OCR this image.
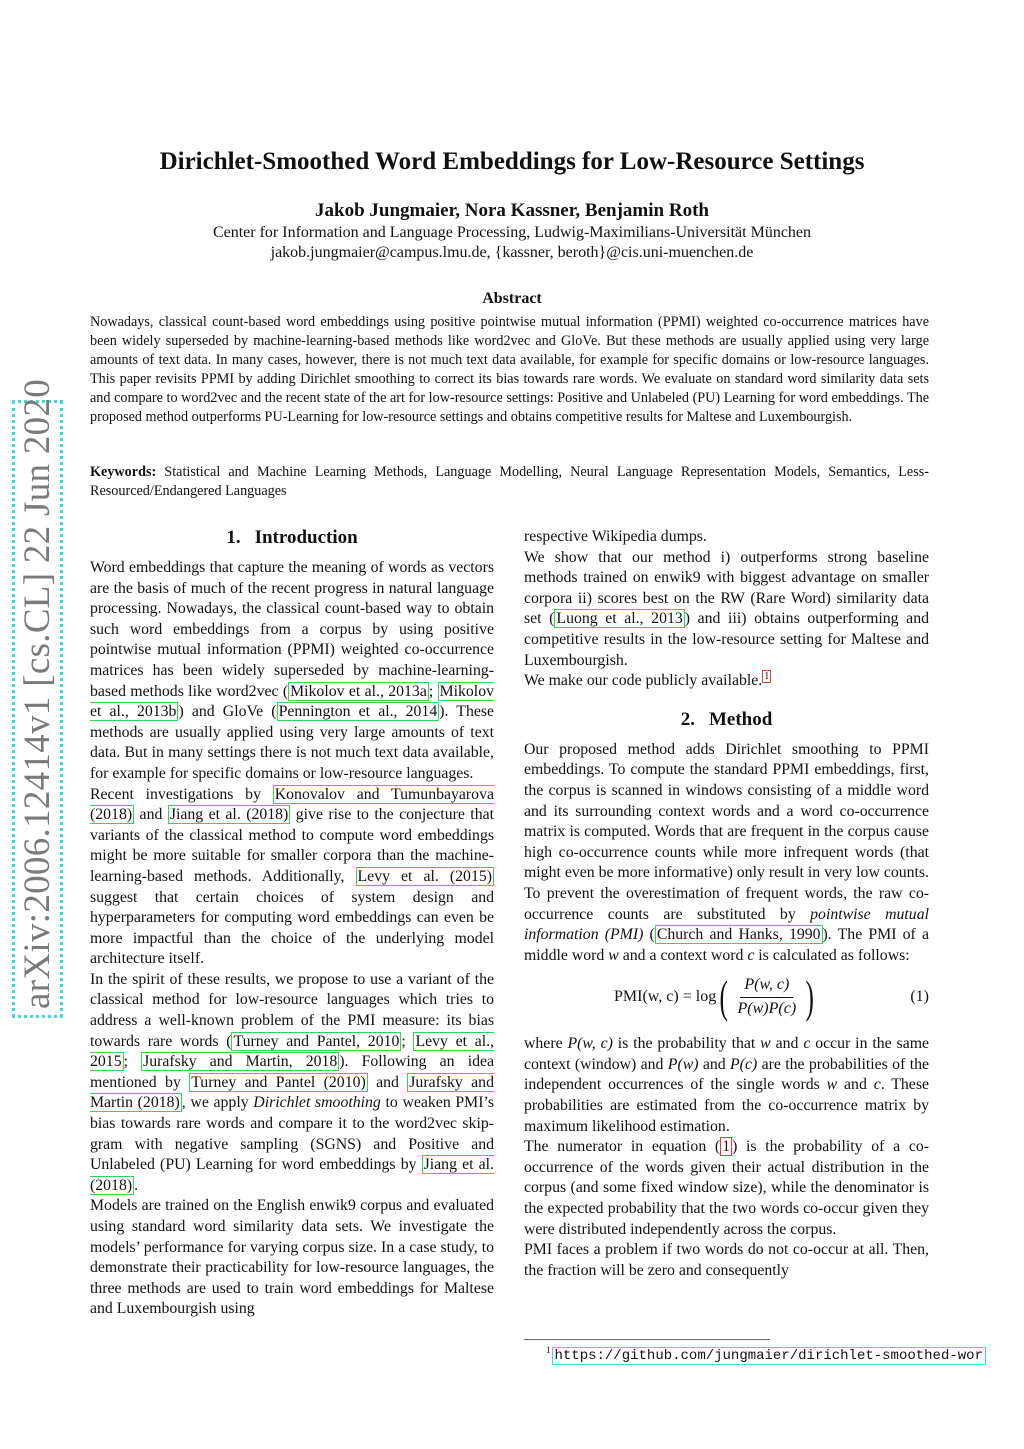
arXiv:2006.12414v1 [cs.CL] 22 Jun 2020
Dirichlet-Smoothed Word Embeddings for Low-Resource Settings
Jakob Jungmaier, Nora Kassner, Benjamin Roth
Center for Information and Language Processing, Ludwig-Maximilians-Universität München
jakob.jungmaier@campus.lmu.de, {kassner, beroth}@cis.uni-muenchen.de
Abstract
Nowadays, classical count-based word embeddings using positive pointwise mutual information (PPMI) weighted co-occurrence matrices have been widely superseded by machine-learning-based methods like word2vec and GloVe. But these methods are usually applied using very large amounts of text data. In many cases, however, there is not much text data available, for example for specific domains or low-resource languages. This paper revisits PPMI by adding Dirichlet smoothing to correct its bias towards rare words. We evaluate on standard word similarity data sets and compare to word2vec and the recent state of the art for low-resource settings: Positive and Unlabeled (PU) Learning for word embeddings. The proposed method outperforms PU-Learning for low-resource settings and obtains competitive results for Maltese and Luxembourgish.
Keywords: Statistical and Machine Learning Methods, Language Modelling, Neural Language Representation Models, Semantics, Less-Resourced/Endangered Languages
1. Introduction

Word embeddings that capture the meaning of words as vectors are the basis of much of the recent progress in natural language processing. Nowadays, the classical count-based way to obtain such word embeddings from a corpus by using positive pointwise mutual information (PPMI) weighted co-occurrence matrices has been widely superseded by machine-learning-based methods like word2vec ( Mikolov et al., 2013a ; Mikolov et al., 2013b ) and GloVe ( Pennington et al., 2014 ). These methods are usually applied using very large amounts of text data. But in many settings there is not much text data available, for example for specific domains or low-resource languages.

Recent investigations by Konovalov and Tumunbayarova (2018) and Jiang et al. (2018) give rise to the conjecture that variants of the classical method to compute word embeddings might be more suitable for smaller corpora than the machine-learning-based methods. Additionally, Levy et al. (2015) suggest that certain choices of system design and hyperparameters for computing word embeddings can even be more impactful than the choice of the underlying model architecture itself.

In the spirit of these results, we propose to use a variant of the classical method for low-resource languages which tries to address a well-known problem of the PMI measure: its bias towards rare words ( Turney and Pantel, 2010 ; Levy et al., 2015 ; Jurafsky and Martin, 2018 ). Following an idea mentioned by Turney and Pantel (2010) and Jurafsky and Martin (2018) , we apply Dirichlet smoothing to weaken PMI’s bias towards rare words and compare it to the word2vec skip-gram with negative sampling (SGNS) and Positive and Unlabeled (PU) Learning for word embeddings by Jiang et al. (2018) .

Models are trained on the English enwik9 corpus and evaluated using standard word similarity data sets. We investigate the models’ performance for varying corpus size. In a case study, to demonstrate their practicability for low-resource languages, the three methods are used to train word embeddings for Maltese and Luxembourgish using

respective Wikipedia dumps.

We show that our method i) outperforms strong baseline methods trained on enwik9 with biggest advantage on smaller corpora ii) scores best on the RW (Rare Word) similarity data set ( Luong et al., 2013 ) and iii) obtains outperforming and competitive results in the low-resource setting for Maltese and Luxembourgish.

We make our code publicly available. $^1$

2. Method

Our proposed method adds Dirichlet smoothing to PPMI embeddings. To compute the standard PPMI embeddings, first, the corpus is scanned in windows consisting of a middle word and its surrounding context words and a word co-occurrence matrix is computed. Words that are frequent in the corpus cause high co-occurrence counts while more infrequent words (that might even be more informative) only result in very low counts. To prevent the overestimation of frequent words, the raw co-occurrence counts are substituted by pointwise mutual information (PMI) ( Church and Hanks, 1990 ). The PMI of a middle word w and a context word c is calculated as follows:

PMI(w, c) = log ( $\frac{P(w, c)}{P(w)P(c)}$ )	(1)

where P(w, c) is the probability that w and c occur in the same context (window) and P(w) and P(c) are the probabilities of the independent occurrences of the single words w and c. These probabilities are estimated from the co-occurrence matrix by maximum likelihood estimation.

The numerator in equation ( 1 ) is the probability of a co-occurrence of the words given their actual distribution in the corpus (and some fixed window size), while the denominator is the expected probability that the two words co-occur given they were distributed independently across the corpus.

PMI faces a problem if two words do not co-occur at all. Then, the fraction will be zero and consequently

$^1$ https://github.com/jungmaier/dirichlet-smoothed-wor
